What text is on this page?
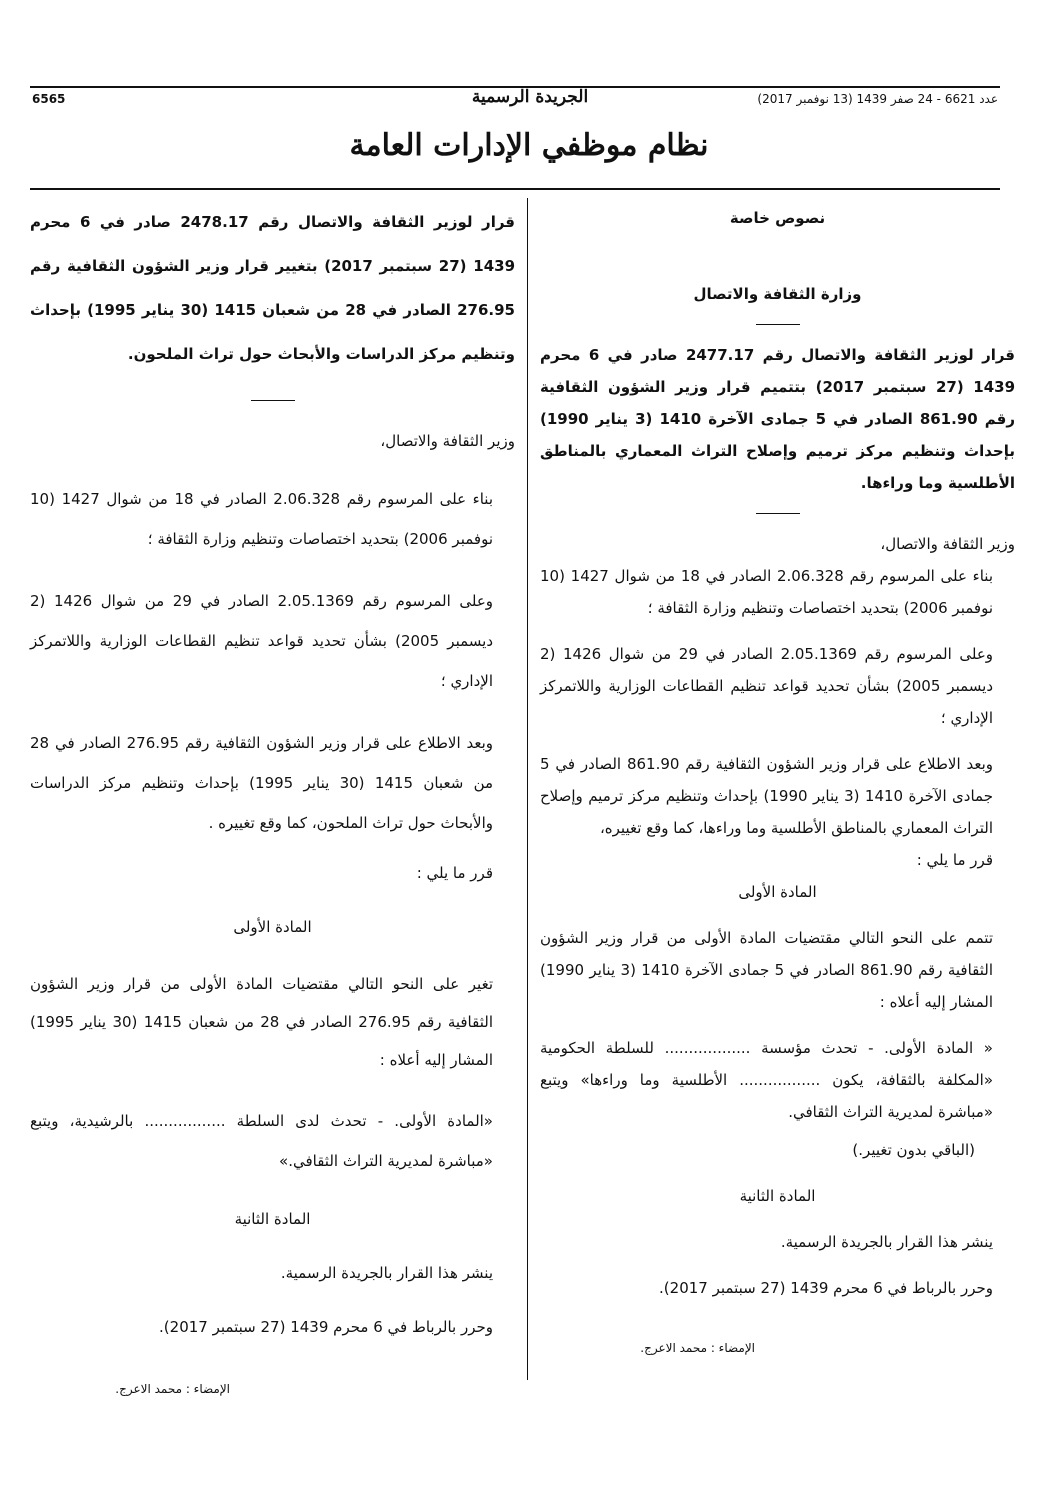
6565	الجريدة الرسمية	عدد 6621 - 24 صفر 1439 (13 نوفمبر 2017)
نظام موظفي الإدارات العامة

نصوص خاصة

وزارة الثقافة والاتصال

قرار لوزير الثقافة والاتصال رقم 2477.17 صادر في 6 محرم 1439 (27 سبتمبر 2017) بتتميم قرار وزير الشؤون الثقافية رقم 861.90 الصادر في 5 جمادى الآخرة 1410 (3 يناير 1990) بإحداث وتنظيم مركز ترميم وإصلاح التراث المعماري بالمناطق الأطلسية وما وراءها.

وزير الثقافة والاتصال،

بناء على المرسوم رقم 2.06.328 الصادر في 18 من شوال 1427 (10 نوفمبر 2006) بتحديد اختصاصات وتنظيم وزارة الثقافة ؛

وعلى المرسوم رقم 2.05.1369 الصادر في 29 من شوال 1426 (2 ديسمبر 2005) بشأن تحديد قواعد تنظيم القطاعات الوزارية واللاتمركز الإداري ؛

وبعد الاطلاع على قرار وزير الشؤون الثقافية رقم 861.90 الصادر في 5 جمادى الآخرة 1410 (3 يناير 1990) بإحداث وتنظيم مركز ترميم وإصلاح التراث المعماري بالمناطق الأطلسية وما وراءها، كما وقع تغييره،

قرر ما يلي :

المادة الأولى

تتمم على النحو التالي مقتضيات المادة الأولى من قرار وزير الشؤون الثقافية رقم 861.90 الصادر في 5 جمادى الآخرة 1410 (3 يناير 1990) المشار إليه أعلاه :

« المادة الأولى. - تحدث مؤسسة .................. للسلطة الحكومية «المكلفة بالثقافة، يكون ................. الأطلسية وما وراءها» ويتبع «مباشرة لمديرية التراث الثقافي.

(الباقي بدون تغيير.)

المادة الثانية

ينشر هذا القرار بالجريدة الرسمية.

وحرر بالرباط في 6 محرم 1439 (27 سبتمبر 2017).

الإمضاء : محمد الاعرج.

قرار لوزير الثقافة والاتصال رقم 2478.17 صادر في 6 محرم 1439 (27 سبتمبر 2017) بتغيير قرار وزير الشؤون الثقافية رقم 276.95 الصادر في 28 من شعبان 1415 (30 يناير 1995) بإحداث وتنظيم مركز الدراسات والأبحاث حول تراث الملحون.

وزير الثقافة والاتصال،

بناء على المرسوم رقم 2.06.328 الصادر في 18 من شوال 1427 (10 نوفمبر 2006) بتحديد اختصاصات وتنظيم وزارة الثقافة ؛

وعلى المرسوم رقم 2.05.1369 الصادر في 29 من شوال 1426 (2 ديسمبر 2005) بشأن تحديد قواعد تنظيم القطاعات الوزارية واللاتمركز الإداري ؛

وبعد الاطلاع على قرار وزير الشؤون الثقافية رقم 276.95 الصادر في 28 من شعبان 1415 (30 يناير 1995) بإحداث وتنظيم مركز الدراسات والأبحاث حول تراث الملحون، كما وقع تغييره .

قرر ما يلي :

المادة الأولى

تغير على النحو التالي مقتضيات المادة الأولى من قرار وزير الشؤون الثقافية رقم 276.95 الصادر في 28 من شعبان 1415 (30 يناير 1995) المشار إليه أعلاه :

«المادة الأولى. - تحدث لدى السلطة ................. بالرشيدية، ويتبع «مباشرة لمديرية التراث الثقافي.»

المادة الثانية

ينشر هذا القرار بالجريدة الرسمية.

وحرر بالرباط في 6 محرم 1439 (27 سبتمبر 2017).

الإمضاء : محمد الاعرج.
